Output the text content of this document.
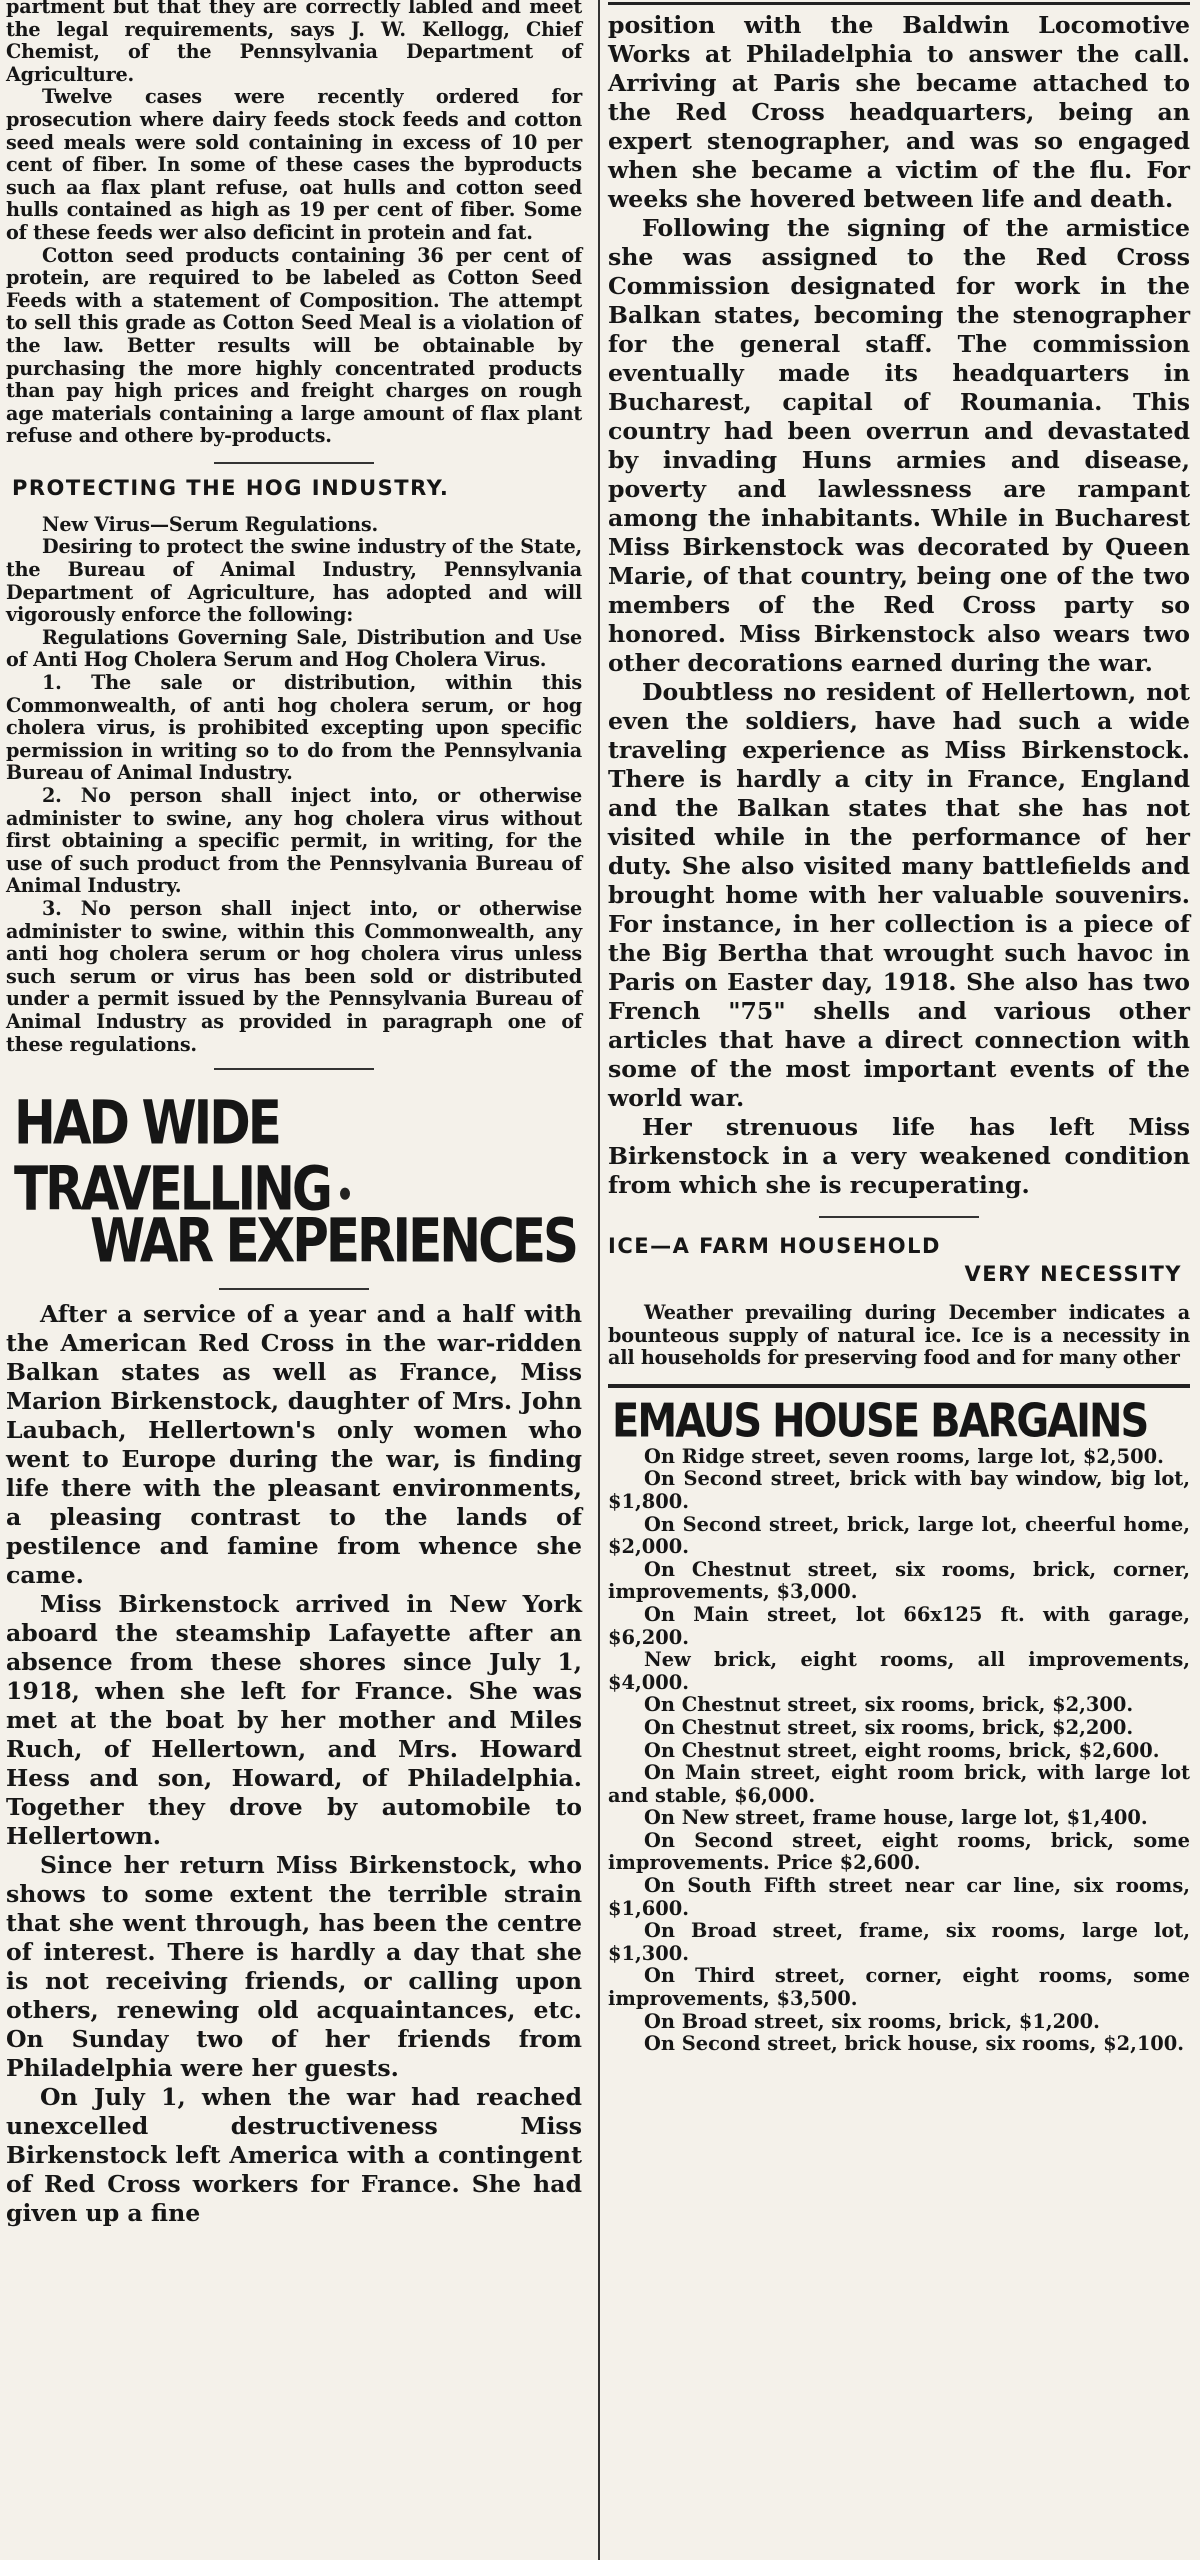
partment but that they are correctly labled and meet the legal requirements, says J. W. Kellogg, Chief Chemist, of the Pennsylvania Department of Agriculture.

Twelve cases were recently ordered for prosecution where dairy feeds stock feeds and cotton seed meals were sold containing in excess of 10 per cent of fiber. In some of these cases the byproducts such aa flax plant refuse, oat hulls and cotton seed hulls contained as high as 19 per cent of fiber. Some of these feeds wer also deficint in protein and fat.

Cotton seed products containing 36 per cent of protein, are required to be labeled as Cotton Seed Feeds with a statement of Composition. The attempt to sell this grade as Cotton Seed Meal is a violation of the law. Better results will be obtainable by purchasing the more highly concentrated products than pay high prices and freight charges on rough age materials containing a large amount of flax plant refuse and othere by-products.

PROTECTING THE HOG INDUSTRY.

New Virus—Serum Regulations.

Desiring to protect the swine industry of the State, the Bureau of Animal Industry, Pennsylvania Department of Agriculture, has adopted and will vigorously enforce the following:

Regulations Governing Sale, Distribution and Use of Anti Hog Cholera Serum and Hog Cholera Virus.

1. The sale or distribution, within this Commonwealth, of anti hog cholera serum, or hog cholera virus, is prohibited excepting upon specific permission in writing so to do from the Pennsylvania Bureau of Animal Industry.

2. No person shall inject into, or otherwise administer to swine, any hog cholera virus without first obtaining a specific permit, in writing, for the use of such product from the Pennsylvania Bureau of Animal Industry.

3. No person shall inject into, or otherwise administer to swine, within this Commonwealth, any anti hog cholera serum or hog cholera virus unless such serum or virus has been sold or distributed under a permit issued by the Pennsylvania Bureau of Animal Industry as provided in paragraph one of these regulations.

HAD WIDE TRAVELLING
WAR EXPERIENCES

After a service of a year and a half with the American Red Cross in the war-ridden Balkan states as well as France, Miss Marion Birkenstock, daughter of Mrs. John Laubach, Hellertown's only women who went to Europe during the war, is finding life there with the pleasant environments, a pleasing contrast to the lands of pestilence and famine from whence she came.

Miss Birkenstock arrived in New York aboard the steamship Lafayette after an absence from these shores since July 1, 1918, when she left for France. She was met at the boat by her mother and Miles Ruch, of Hellertown, and Mrs. Howard Hess and son, Howard, of Philadelphia. Together they drove by automobile to Hellertown.

Since her return Miss Birkenstock, who shows to some extent the terrible strain that she went through, has been the centre of interest. There is hardly a day that she is not receiving friends, or calling upon others, renewing old acquaintances, etc. On Sunday two of her friends from Philadelphia were her guests.

On July 1, when the war had reached unexcelled destructiveness Miss Birkenstock left America with a contingent of Red Cross workers for France. She had given up a fine

position with the Baldwin Locomotive Works at Philadelphia to answer the call. Arriving at Paris she became attached to the Red Cross headquarters, being an expert stenographer, and was so engaged when she became a victim of the flu. For weeks she hovered between life and death.

Following the signing of the armistice she was assigned to the Red Cross Commission designated for work in the Balkan states, becoming the stenographer for the general staff. The commission eventually made its headquarters in Bucharest, capital of Roumania. This country had been overrun and devastated by invading Huns armies and disease, poverty and lawlessness are rampant among the inhabitants. While in Bucharest Miss Birkenstock was decorated by Queen Marie, of that country, being one of the two members of the Red Cross party so honored. Miss Birkenstock also wears two other decorations earned during the war.

Doubtless no resident of Hellertown, not even the soldiers, have had such a wide traveling experience as Miss Birkenstock. There is hardly a city in France, England and the Balkan states that she has not visited while in the performance of her duty. She also visited many battlefields and brought home with her valuable souvenirs. For instance, in her collection is a piece of the Big Bertha that wrought such havoc in Paris on Easter day, 1918. She also has two French "75" shells and various other articles that have a direct connection with some of the most important events of the world war.

Her strenuous life has left Miss Birkenstock in a very weakened condition from which she is recuperating.

ICE—A FARM HOUSEHOLD
VERY NECESSITY

Weather prevailing during December indicates a bounteous supply of natural ice. Ice is a necessity in all households for preserving food and for many other

EMAUS HOUSE BARGAINS

On Ridge street, seven rooms, large lot, $2,500.

On Second street, brick with bay window, big lot, $1,800.

On Second street, brick, large lot, cheerful home, $2,000.

On Chestnut street, six rooms, brick, corner, improvements, $3,000.

On Main street, lot 66x125 ft. with garage, $6,200.

New brick, eight rooms, all improvements, $4,000.

On Chestnut street, six rooms, brick, $2,300.

On Chestnut street, six rooms, brick, $2,200.

On Chestnut street, eight rooms, brick, $2,600.

On Main street, eight room brick, with large lot and stable, $6,000.

On New street, frame house, large lot, $1,400.

On Second street, eight rooms, brick, some improvements. Price $2,600.

On South Fifth street near car line, six rooms, $1,600.

On Broad street, frame, six rooms, large lot, $1,300.

On Third street, corner, eight rooms, some improvements, $3,500.

On Broad street, six rooms, brick, $1,200.

On Second street, brick house, six rooms, $2,100.
